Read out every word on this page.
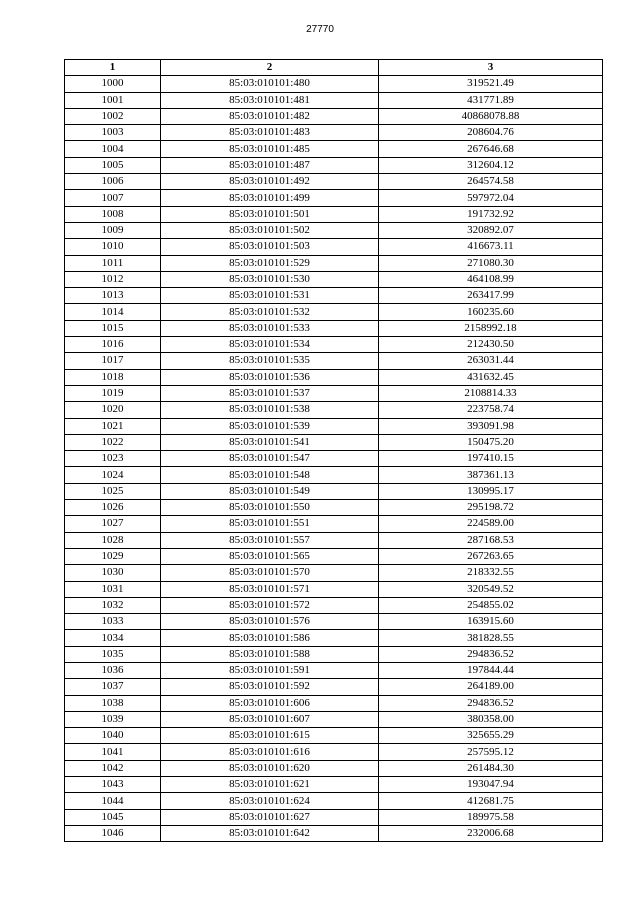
27770
1	2	3
1000	85:03:010101:480	319521.49
1001	85:03:010101:481	431771.89
1002	85:03:010101:482	40868078.88
1003	85:03:010101:483	208604.76
1004	85:03:010101:485	267646.68
1005	85:03:010101:487	312604.12
1006	85:03:010101:492	264574.58
1007	85:03:010101:499	597972.04
1008	85:03:010101:501	191732.92
1009	85:03:010101:502	320892.07
1010	85:03:010101:503	416673.11
1011	85:03:010101:529	271080.30
1012	85:03:010101:530	464108.99
1013	85:03:010101:531	263417.99
1014	85:03:010101:532	160235.60
1015	85:03:010101:533	2158992.18
1016	85:03:010101:534	212430.50
1017	85:03:010101:535	263031.44
1018	85:03:010101:536	431632.45
1019	85:03:010101:537	2108814.33
1020	85:03:010101:538	223758.74
1021	85:03:010101:539	393091.98
1022	85:03:010101:541	150475.20
1023	85:03:010101:547	197410.15
1024	85:03:010101:548	387361.13
1025	85:03:010101:549	130995.17
1026	85:03:010101:550	295198.72
1027	85:03:010101:551	224589.00
1028	85:03:010101:557	287168.53
1029	85:03:010101:565	267263.65
1030	85:03:010101:570	218332.55
1031	85:03:010101:571	320549.52
1032	85:03:010101:572	254855.02
1033	85:03:010101:576	163915.60
1034	85:03:010101:586	381828.55
1035	85:03:010101:588	294836.52
1036	85:03:010101:591	197844.44
1037	85:03:010101:592	264189.00
1038	85:03:010101:606	294836.52
1039	85:03:010101:607	380358.00
1040	85:03:010101:615	325655.29
1041	85:03:010101:616	257595.12
1042	85:03:010101:620	261484.30
1043	85:03:010101:621	193047.94
1044	85:03:010101:624	412681.75
1045	85:03:010101:627	189975.58
1046	85:03:010101:642	232006.68
